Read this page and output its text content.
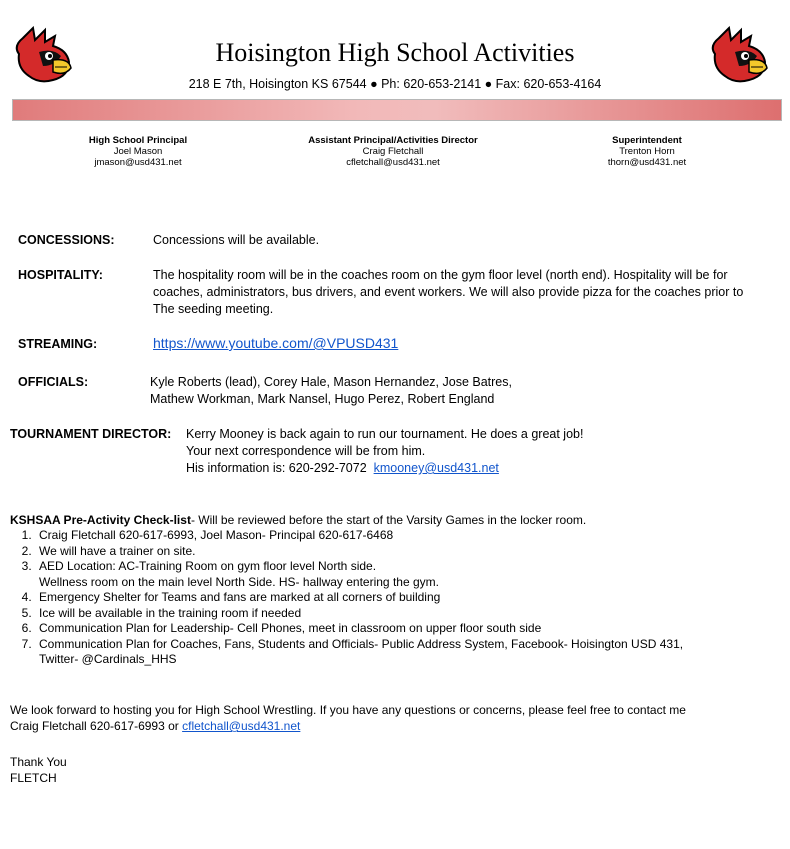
Hoisington High School Activities
218 E 7th, Hoisington KS 67544 ● Ph: 620-653-2141 ● Fax: 620-653-4164
High School Principal
Joel Mason
jmason@usd431.net
Assistant Principal/Activities Director
Craig Fletchall
cfletchall@usd431.net
Superintendent
Trenton Horn
thorn@usd431.net
CONCESSIONS:	Concessions will be available.
HOSPITALITY:	The hospitality room will be in the coaches room on the gym floor level (north end). Hospitality will be for
coaches, administrators, bus drivers, and event workers. We will also provide pizza for the coaches prior to
The seeding meeting.
STREAMING:	https://www.youtube.com/@VPUSD431
OFFICIALS:	Kyle Roberts (lead), Corey Hale, Mason Hernandez, Jose Batres,
Mathew Workman, Mark Nansel, Hugo Perez, Robert England
TOURNAMENT DIRECTOR: Kerry Mooney is back again to run our tournament. He does a great job!
Your next correspondence will be from him.
His information is: 620-292-7072 kmooney@usd431.net
KSHSAA Pre-Activity Check-list- Will be reviewed before the start of the Varsity Games in the locker room.
1. Craig Fletchall 620-617-6993, Joel Mason- Principal 620-617-6468
2. We will have a trainer on site.
3. AED Location: AC-Training Room on gym floor level North side.
Wellness room on the main level North Side. HS- hallway entering the gym.
4. Emergency Shelter for Teams and fans are marked at all corners of building
5. Ice will be available in the training room if needed
6. Communication Plan for Leadership- Cell Phones, meet in classroom on upper floor south side
7. Communication Plan for Coaches, Fans, Students and Officials- Public Address System, Facebook- Hoisington USD 431,
Twitter- @Cardinals_HHS
We look forward to hosting you for High School Wrestling. If you have any questions or concerns, please feel free to contact me
Craig Fletchall 620-617-6993 or cfletchall@usd431.net
Thank You
FLETCH
